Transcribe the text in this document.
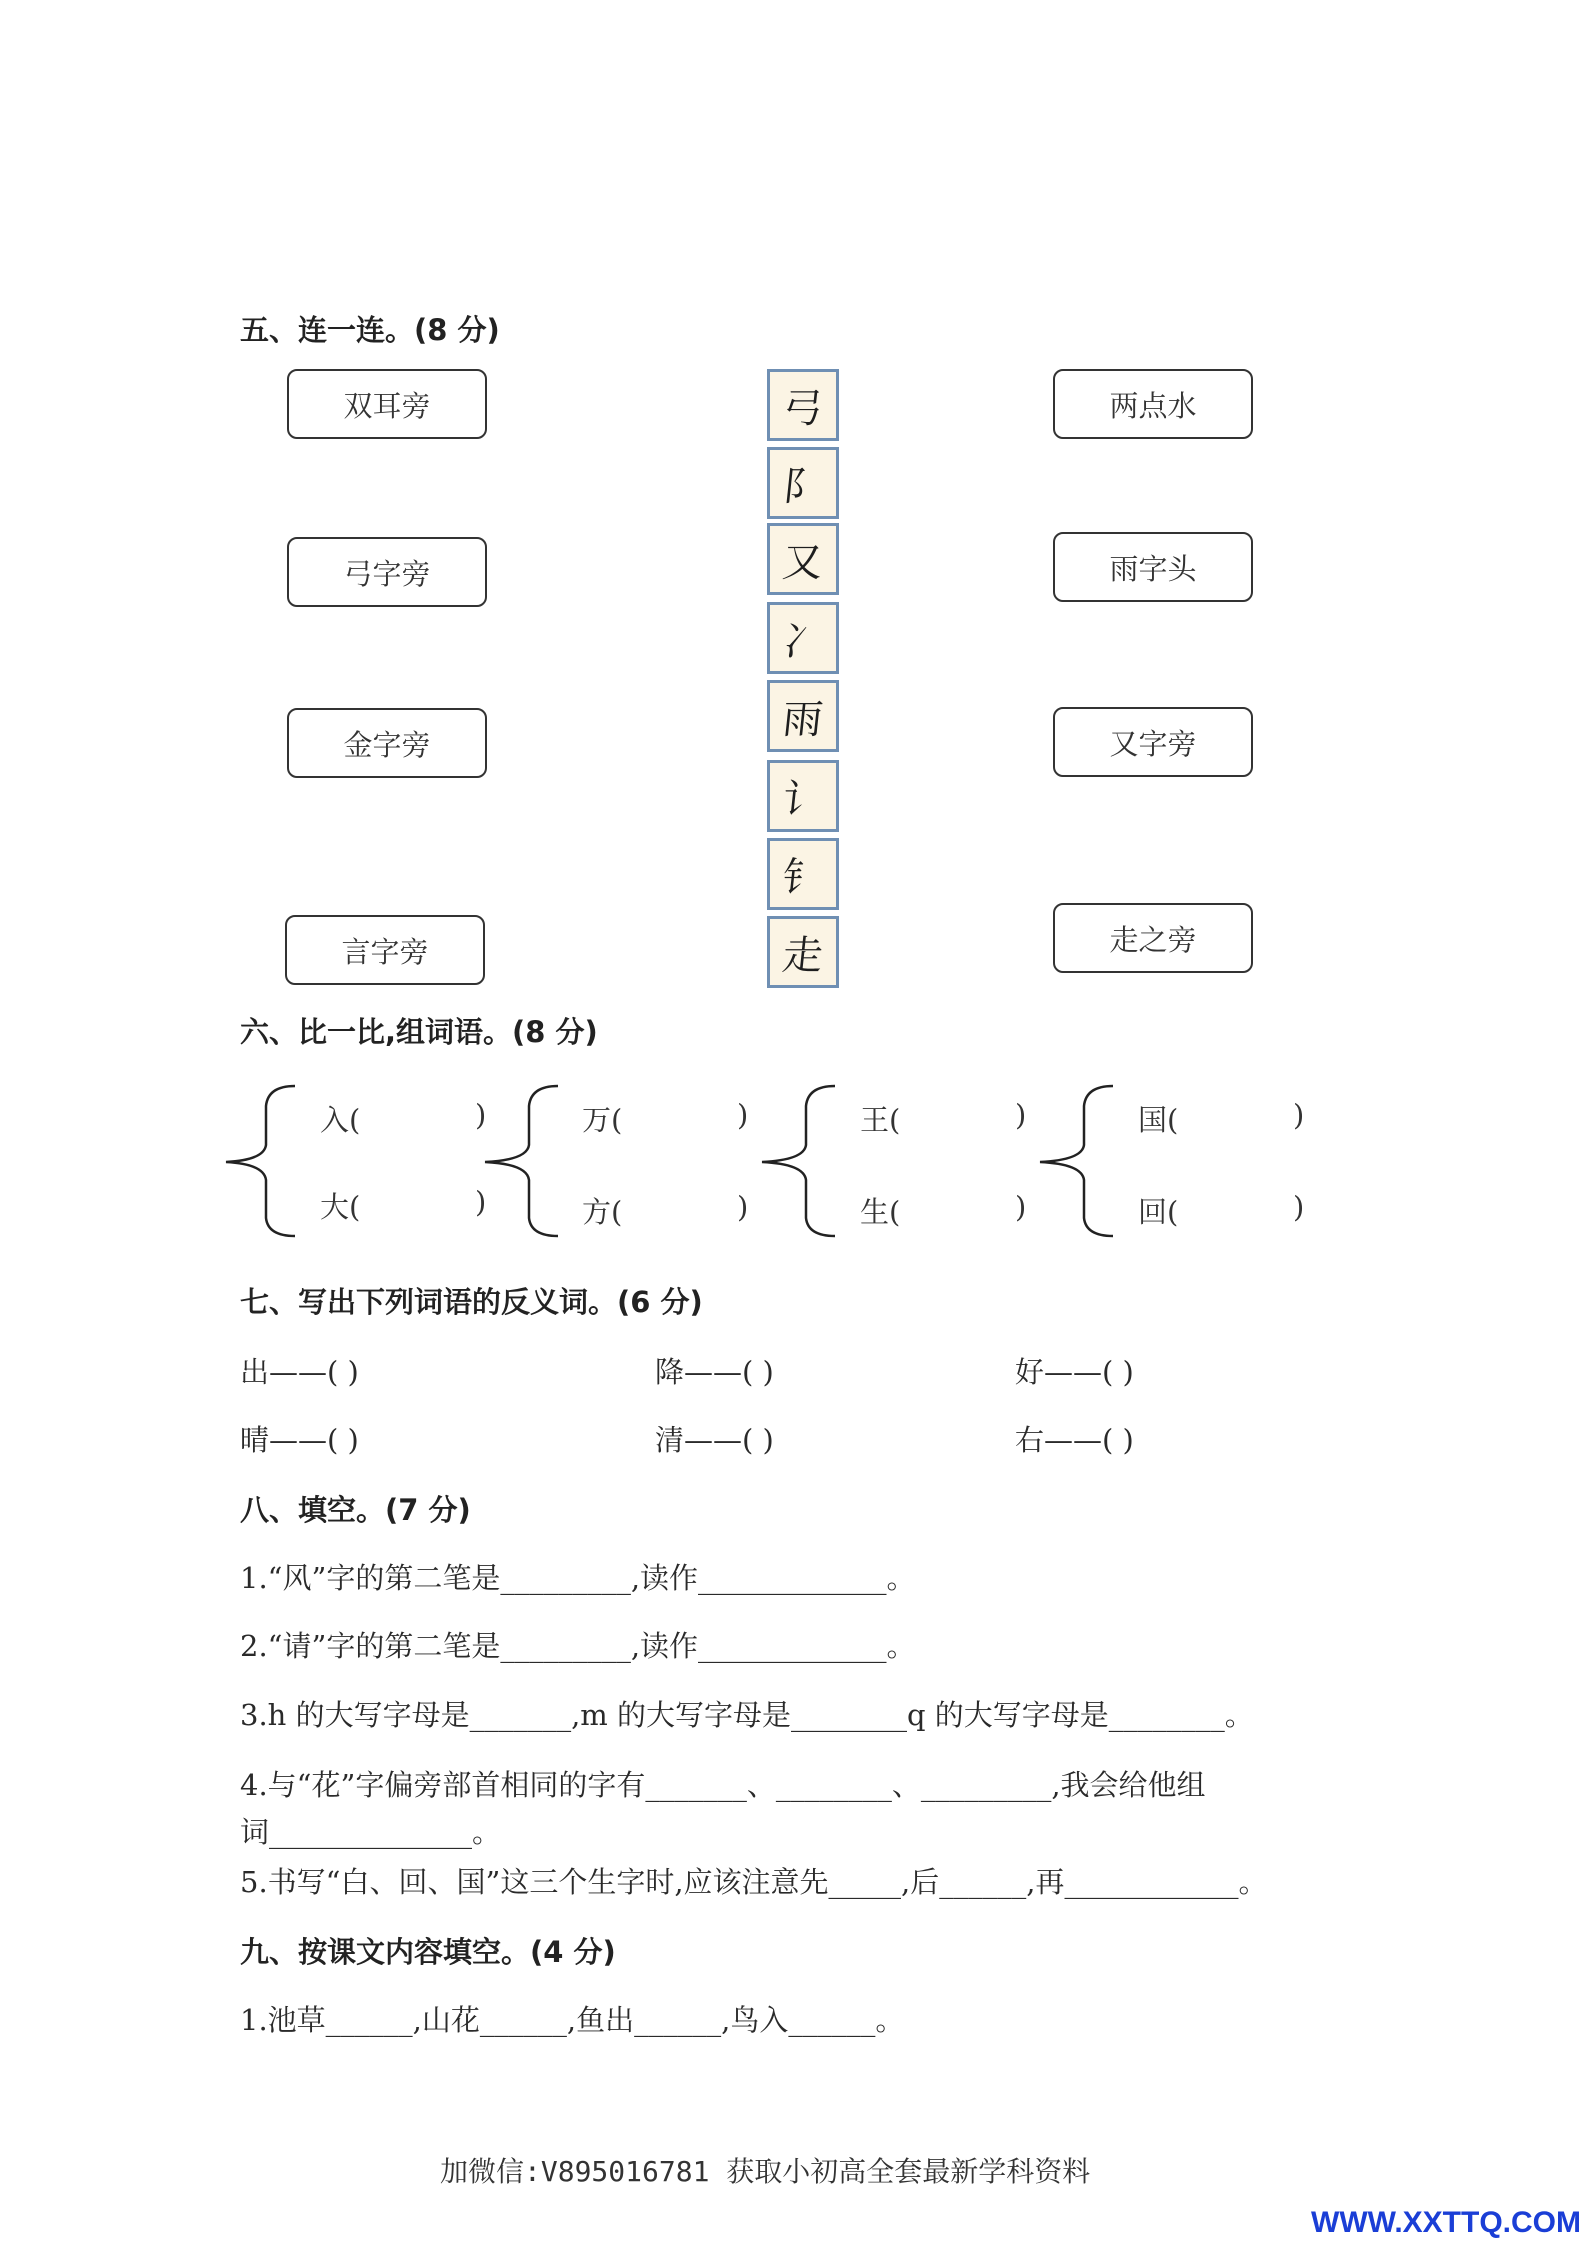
五、连一连。(8 分)
双耳旁
弓字旁
金字旁
言字旁
弓
阝
又
冫
雨
讠
钅
走
两点水
雨字头
又字旁
走之旁
六、比一比,组词语。(8 分)
入(	)
大(	)
万(	)
方(	)
王(	)
生(	)
国(	)
回(	)
七、写出下列词语的反义词。(6 分)
出——( )	降——( )	好——( )
晴——( )	清——( )	右——( )
八、填空。(7 分)
1.“风”字的第二笔是_________,读作_____________。
2.“请”字的第二笔是_________,读作_____________。
3.h 的大写字母是_______,m 的大写字母是________q 的大写字母是________。
4.与“花”字偏旁部首相同的字有_______、________、_________,我会给他组
词______________。
5.书写“白、回、国”这三个生字时,应该注意先_____,后______,再____________。
九、按课文内容填空。(4 分)
1.池草______,山花______,鱼出______,鸟入______。
加微信:V895016781 获取小初高全套最新学科资料
WWW.XXTTQ.COM
